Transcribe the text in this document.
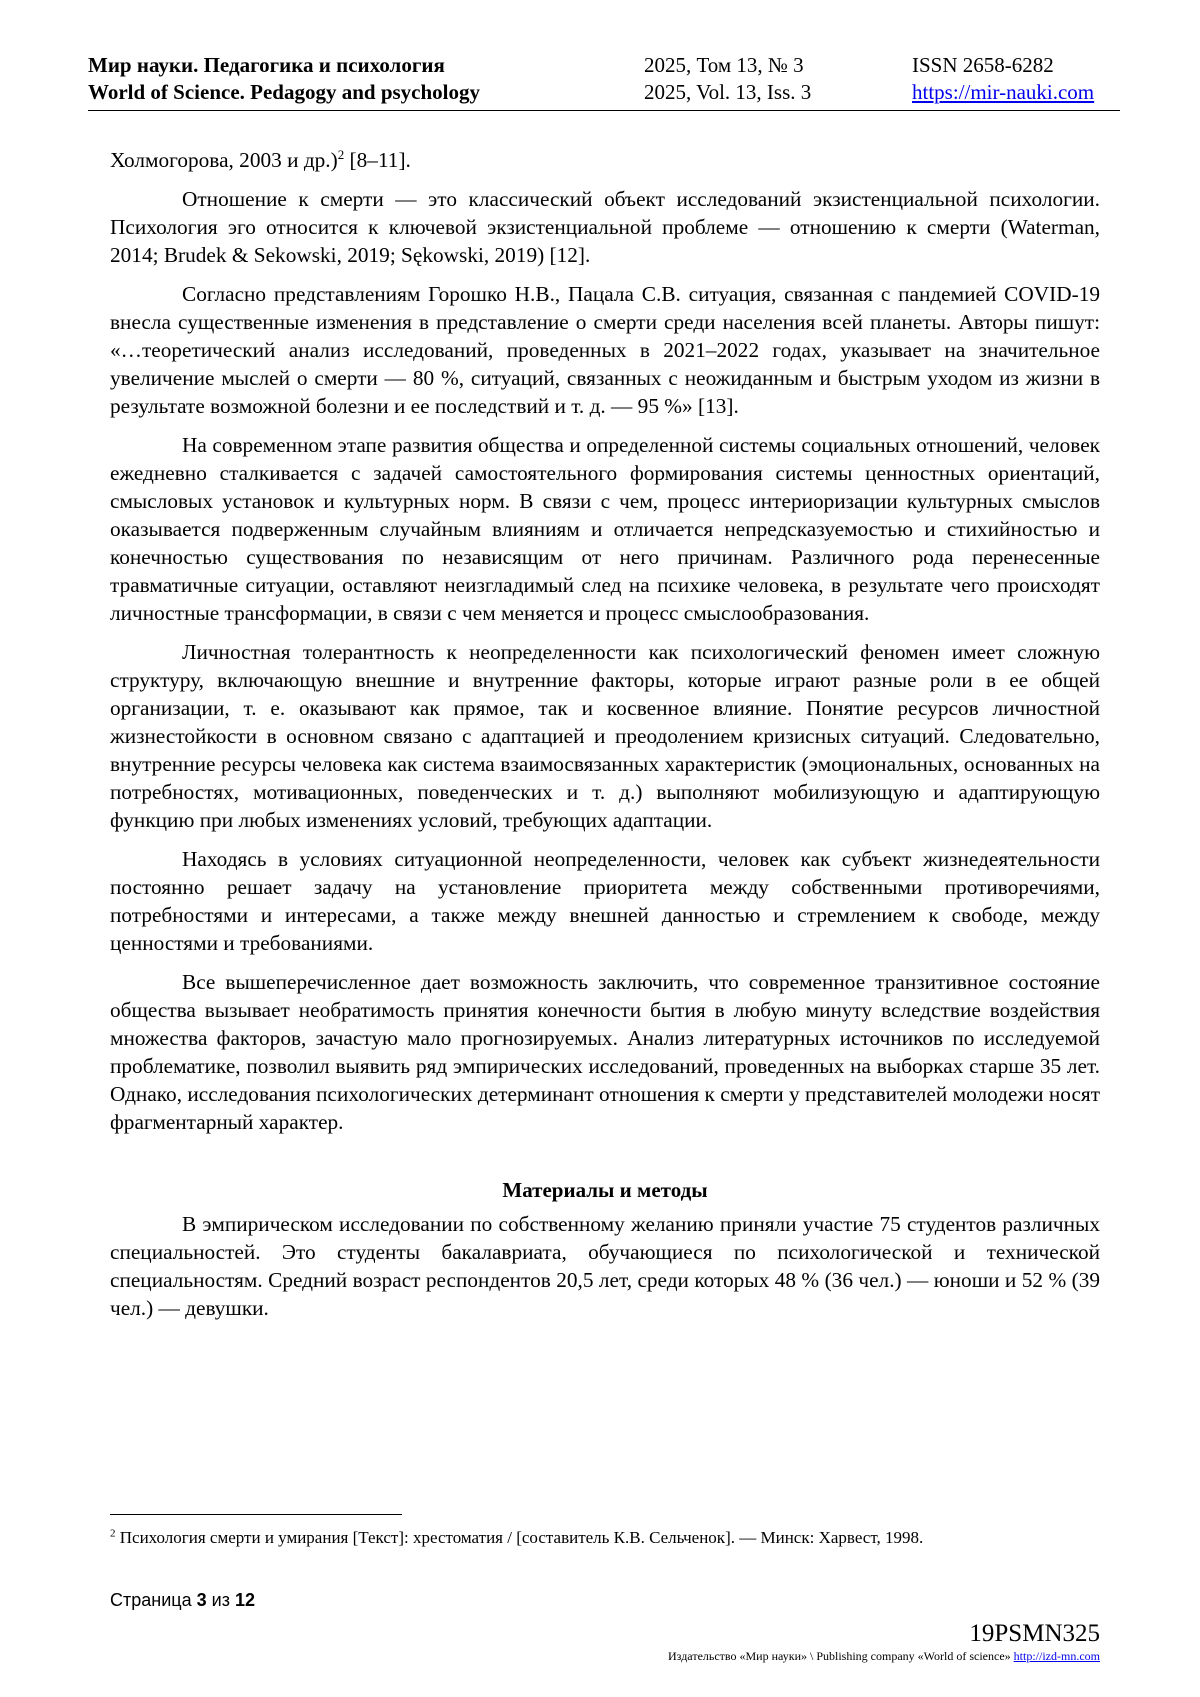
Мир науки. Педагогика и психология
World of Science. Pedagogy and psychology
2025, Том 13, № 3
2025, Vol. 13, Iss. 3
ISSN 2658-6282
https://mir-nauki.com

Холмогорова, 2003 и др.)$^2$ [8–11].

Отношение к смерти — это классический объект исследований экзистенциальной психологии. Психология эго относится к ключевой экзистенциальной проблеме — отношению к смерти (Waterman, 2014; Brudek & Sekowski, 2019; Sękowski, 2019) [12].

Согласно представлениям Горошко Н.В., Пацала С.В. ситуация, связанная с пандемией COVID-19 внесла существенные изменения в представление о смерти среди населения всей планеты. Авторы пишут: «…теоретический анализ исследований, проведенных в 2021–2022 годах, указывает на значительное увеличение мыслей о смерти — 80 %, ситуаций, связанных с неожиданным и быстрым уходом из жизни в результате возможной болезни и ее последствий и т. д. — 95 %» [13].

На современном этапе развития общества и определенной системы социальных отношений, человек ежедневно сталкивается с задачей самостоятельного формирования системы ценностных ориентаций, смысловых установок и культурных норм. В связи с чем, процесс интериоризации культурных смыслов оказывается подверженным случайным влияниям и отличается непредсказуемостью и стихийностью и конечностью существования по независящим от него причинам. Различного рода перенесенные травматичные ситуации, оставляют неизгладимый след на психике человека, в результате чего происходят личностные трансформации, в связи с чем меняется и процесс смыслообразования.

Личностная толерантность к неопределенности как психологический феномен имеет сложную структуру, включающую внешние и внутренние факторы, которые играют разные роли в ее общей организации, т. е. оказывают как прямое, так и косвенное влияние. Понятие ресурсов личностной жизнестойкости в основном связано с адаптацией и преодолением кризисных ситуаций. Следовательно, внутренние ресурсы человека как система взаимосвязанных характеристик (эмоциональных, основанных на потребностях, мотивационных, поведенческих и т. д.) выполняют мобилизующую и адаптирующую функцию при любых изменениях условий, требующих адаптации.

Находясь в условиях ситуационной неопределенности, человек как субъект жизнедеятельности постоянно решает задачу на установление приоритета между собственными противоречиями, потребностями и интересами, а также между внешней данностью и стремлением к свободе, между ценностями и требованиями.

Все вышеперечисленное дает возможность заключить, что современное транзитивное состояние общества вызывает необратимость принятия конечности бытия в любую минуту вследствие воздействия множества факторов, зачастую мало прогнозируемых. Анализ литературных источников по исследуемой проблематике, позволил выявить ряд эмпирических исследований, проведенных на выборках старше 35 лет. Однако, исследования психологических детерминант отношения к смерти у представителей молодежи носят фрагментарный характер.

Материалы и методы

В эмпирическом исследовании по собственному желанию приняли участие 75 студентов различных специальностей. Это студенты бакалавриата, обучающиеся по психологической и технической специальностям. Средний возраст респондентов 20,5 лет, среди которых 48 % (36 чел.) — юноши и 52 % (39 чел.) — девушки.

$^2$ Психология смерти и умирания [Текст]: хрестоматия / [составитель К.В. Сельченок]. — Минск: Харвест, 1998.
Страница 3 из 12
19PSMN325
Издательство «Мир науки» \ Publishing company «World of science» http://izd-mn.com
